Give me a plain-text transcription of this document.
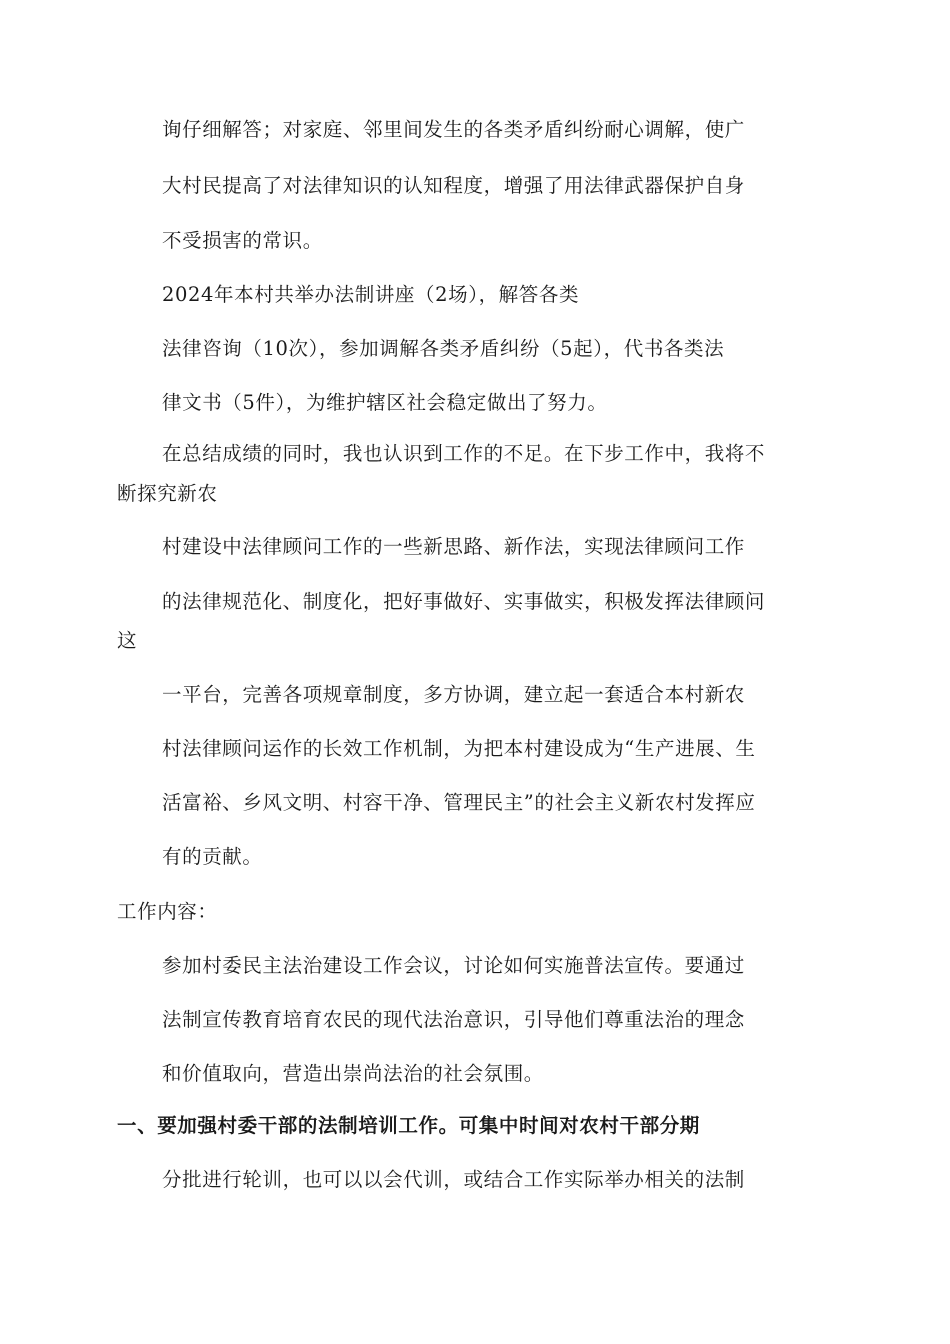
询仔细解答；对家庭、邻里间发生的各类矛盾纠纷耐心调解，使广
大村民提高了对法律知识的认知程度，增强了用法律武器保护自身
不受损害的常识。
2024年本村共举办法制讲座（2场），解答各类
法律咨询（10次），参加调解各类矛盾纠纷（5起），代书各类法
律文书（5件），为维护辖区社会稳定做出了努力。
在总结成绩的同时，我也认识到工作的不足。在下步工作中，我将不
断探究新农
村建设中法律顾问工作的一些新思路、新作法，实现法律顾问工作
的法律规范化、制度化，把好事做好、实事做实，积极发挥法律顾问
这
一平台，完善各项规章制度，多方协调，建立起一套适合本村新农
村法律顾问运作的长效工作机制，为把本村建设成为“生产进展、生
活富裕、乡风文明、村容干净、管理民主”的社会主义新农村发挥应
有的贡献。
工作内容：
参加村委民主法治建设工作会议，讨论如何实施普法宣传。要通过
法制宣传教育培育农民的现代法治意识，引导他们尊重法治的理念
和价值取向，营造出崇尚法治的社会氛围。
一、要加强村委干部的法制培训工作。可集中时间对农村干部分期
分批进行轮训，也可以以会代训，或结合工作实际举办相关的法制
